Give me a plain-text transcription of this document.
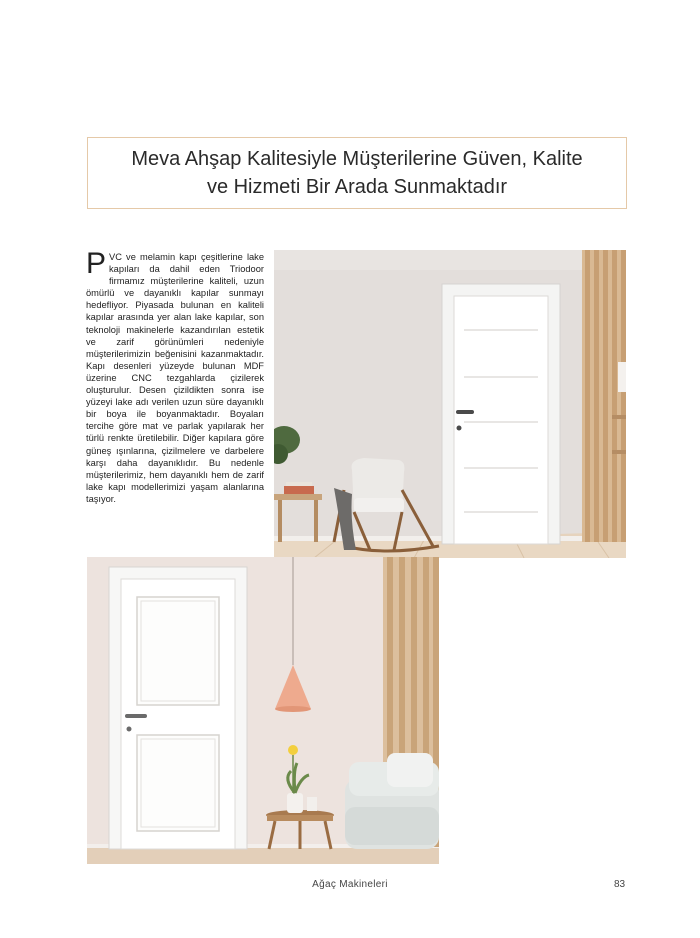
Meva Ahşap Kalitesiyle Müşterilerine Güven, Kalite ve Hizmeti Bir Arada Sunmaktadır
PVC ve melamin kapı çeşitlerine lake kapıları da dahil eden Triodoor firmamız müşterilerine kaliteli, uzun ömürlü ve dayanıklı kapılar sunmayı hedefliyor. Piyasada bulunan en kaliteli kapılar arasında yer alan lake kapılar, son teknoloji makinelerle kazandırılan estetik ve zarif görünümleri nedeniyle müşterilerimizin beğenisini kazanmaktadır. Kapı desenleri yüzeyde bulunan MDF üzerine CNC tezgahlarda çizilerek oluşturulur. Desen çizildikten sonra ise yüzeyi lake adı verilen uzun süre dayanıklı bir boya ile boyanmaktadır. Boyaları tercihe göre mat ve parlak yapılarak her türlü renkte üretilebilir. Diğer kapılara göre güneş ışınlarına, çizilmelere ve darbelere karşı daha dayanıklıdır. Bu nedenle müşterilerimiz, hem dayanıklı hem de zarif lake kapı modellerimizi yaşam alanlarına taşıyor.
Ağaç Makineleri	83
